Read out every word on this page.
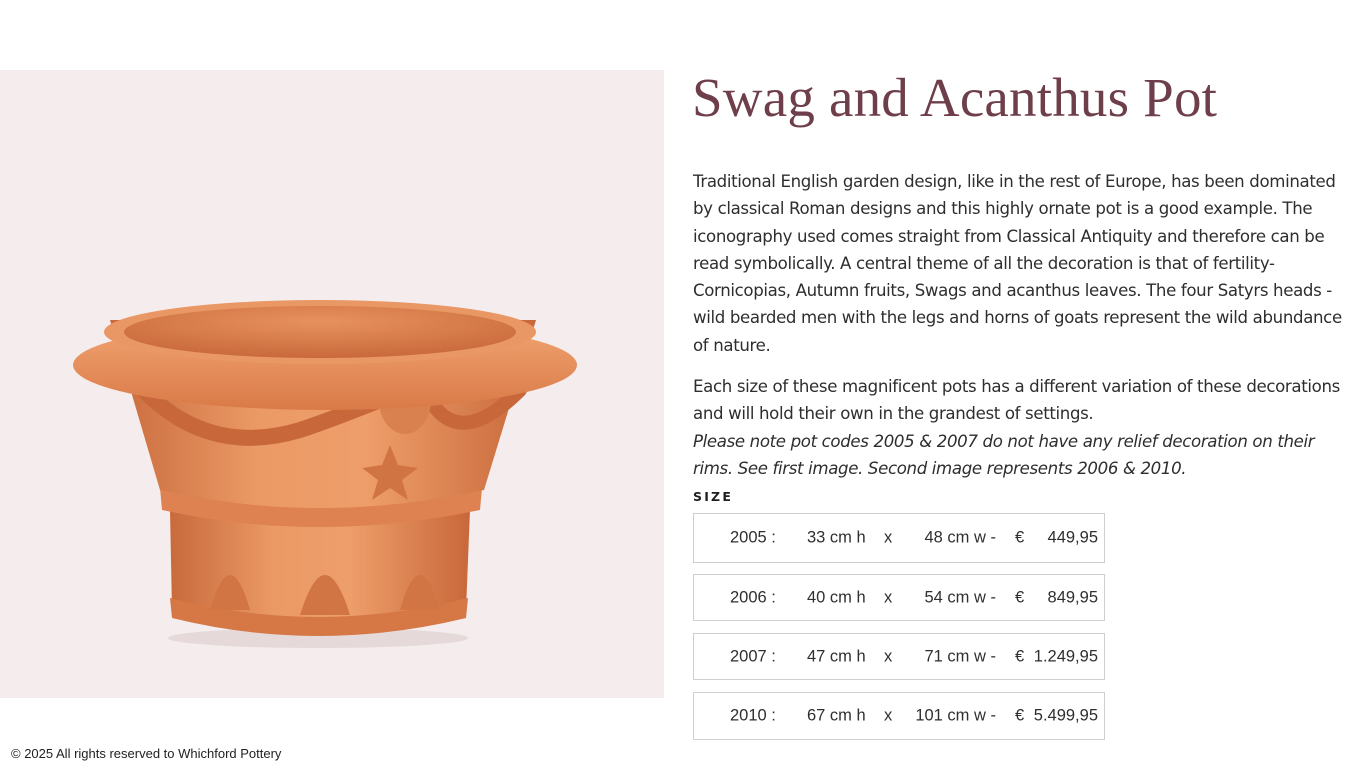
Swag and Acanthus Pot

Traditional English garden design, like in the rest of Europe, has been dominated by classical Roman designs and this highly ornate pot is a good example. The iconography used comes straight from Classical Antiquity and therefore can be read symbolically. A central theme of all the decoration is that of fertility- Cornicopias, Autumn fruits, Swags and acanthus leaves. The four Satyrs heads - wild bearded men with the legs and horns of goats represent the wild abundance of nature.

Each size of these magnificent pots has a different variation of these decorations and will hold their own in the grandest of settings.

Please note pot codes 2005 & 2007 do not have any relief decoration on their rims. See first image. Second image represents 2006 & 2010.

SIZE
2005 : 33 cm h x	48 cm w - € 449,95
2006 : 40 cm h x	54 cm w - € 849,95
2007 : 47 cm h x	71 cm w - € 1.249,95
2010 : 67 cm h x	101 cm w - € 5.499,95
© 2025 All rights reserved to Whichford Pottery
